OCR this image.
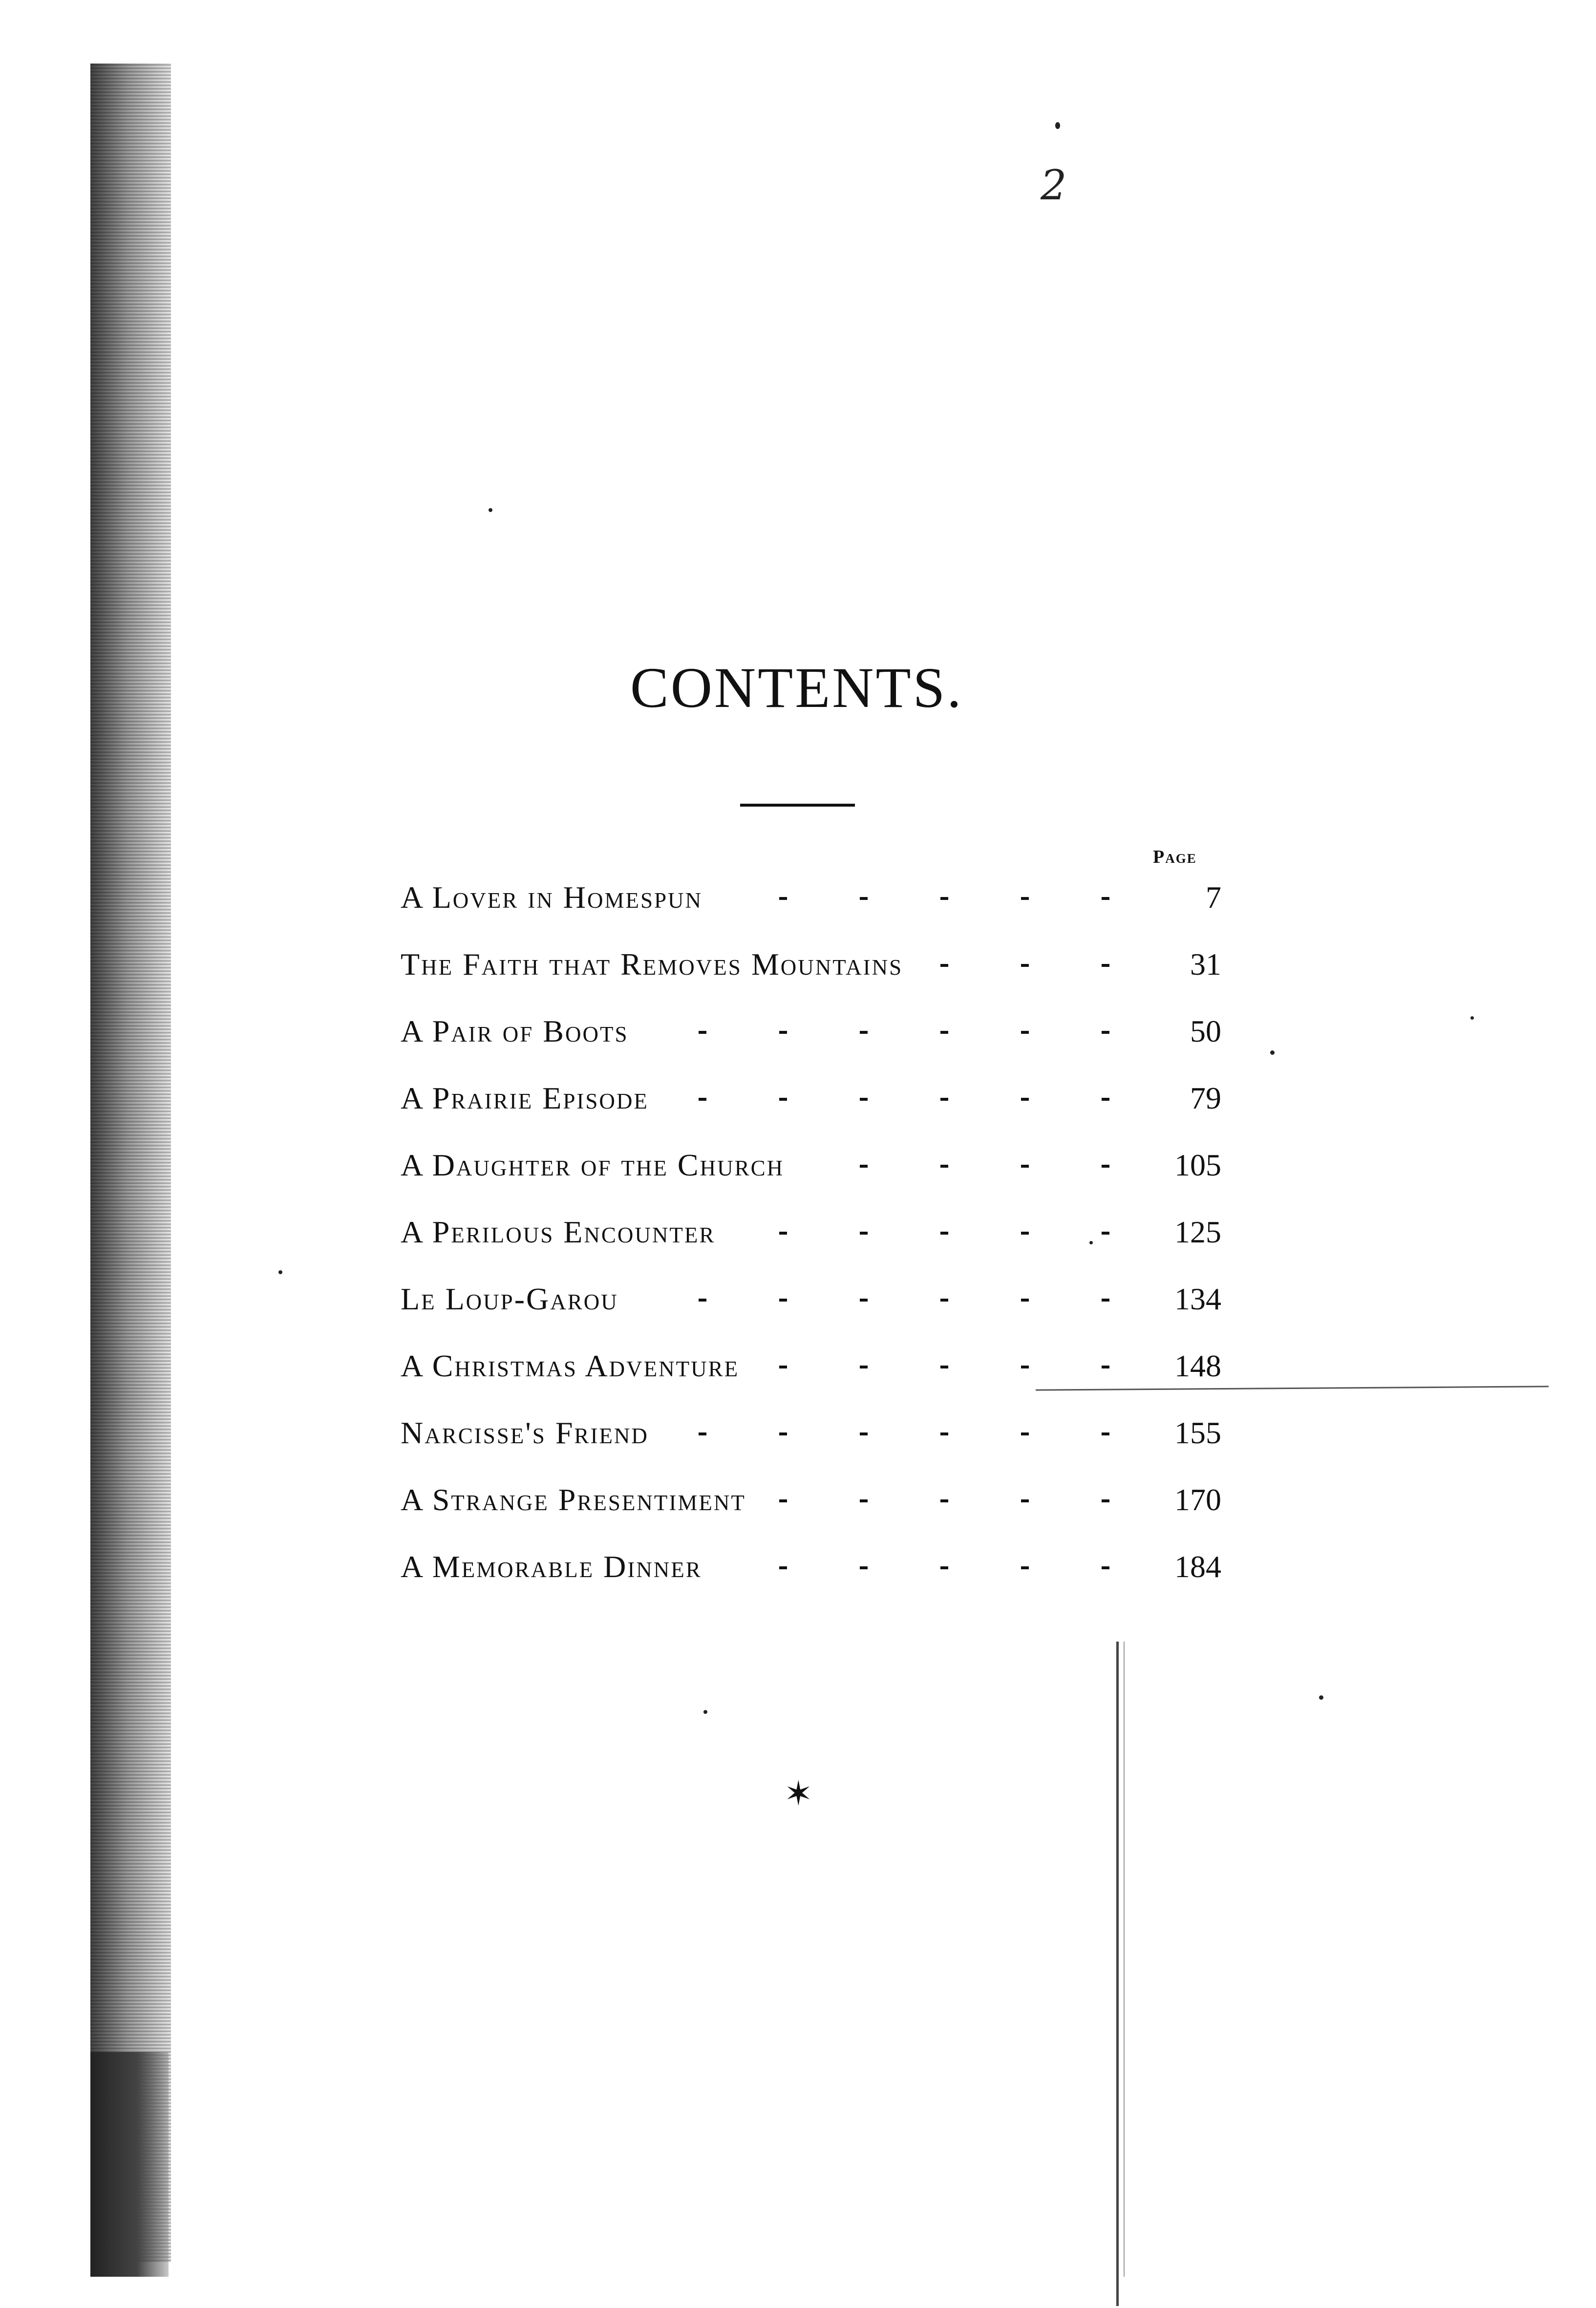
2
CONTENTS.
Page
A Lover in Homespun	7
The Faith that Removes Mountains	31
A Pair of Boots	50
A Prairie Episode	79
A Daughter of the Church	105
A Perilous Encounter	125
Le Loup-Garou	134
A Christmas Adventure	148
Narcisse's Friend	155
A Strange Presentiment	170
A Memorable Dinner	184
✶
